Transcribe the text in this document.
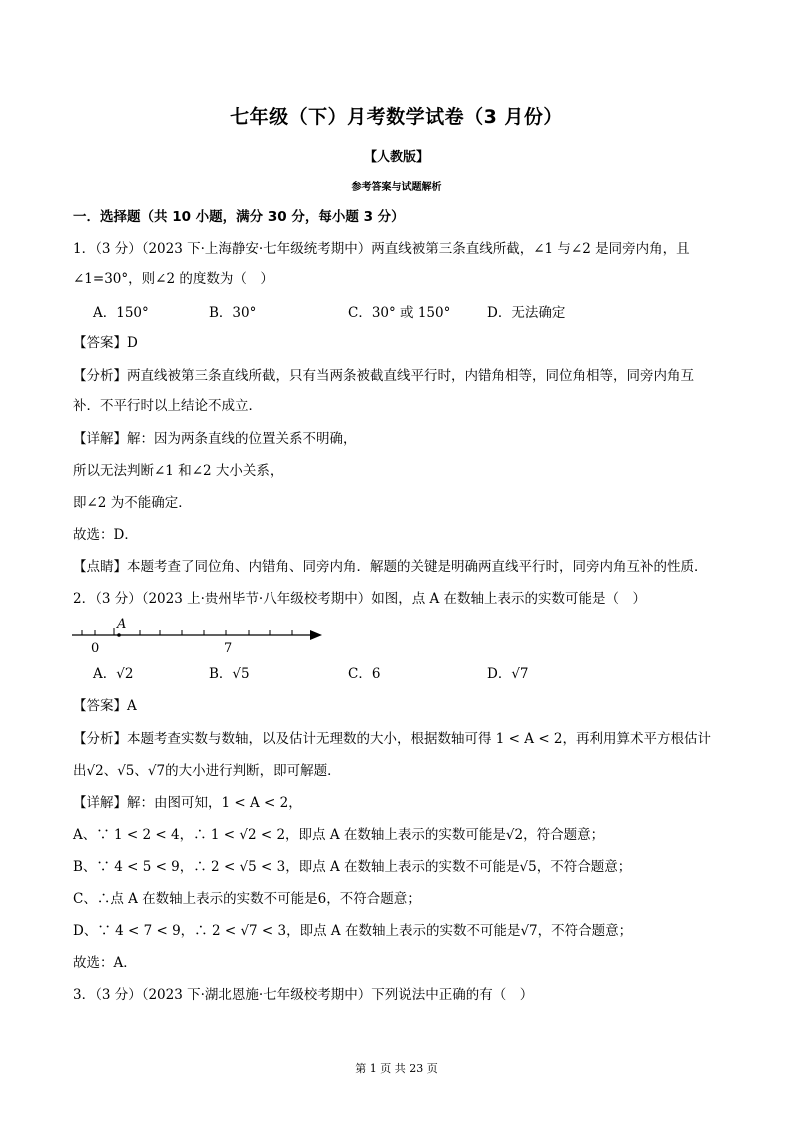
七年级（下）月考数学试卷（3 月份）
【人教版】
参考答案与试题解析
一．选择题（共 10 小题，满分 30 分，每小题 3 分）
1．（3 分）（2023 下·上海静安·七年级统考期中）两直线被第三条直线所截，∠1 与∠2 是同旁内角，且
∠1=30°，则∠2 的度数为（　）
A．150°	B．30°	C．30° 或 150°	D．无法确定
【答案】D
【分析】两直线被第三条直线所截，只有当两条被截直线平行时，内错角相等，同位角相等，同旁内角互
补．不平行时以上结论不成立．
【详解】解：因为两条直线的位置关系不明确，
所以无法判断∠1 和∠2 大小关系，
即∠2 为不能确定．
故选：D．
【点睛】本题考查了同位角、内错角、同旁内角．解题的关键是明确两直线平行时，同旁内角互补的性质．
2．（3 分）（2023 上·贵州毕节·八年级校考期中）如图，点 A 在数轴上表示的实数可能是（　）
A
0	7
A．√2	B．√5	C．6	D．√7
【答案】A
【分析】本题考查实数与数轴，以及估计无理数的大小，根据数轴可得 1 < A < 2，再利用算术平方根估计
出√2、√5、√7的大小进行判断，即可解题．
【详解】解：由图可知，1 < A < 2，
A、∵ 1 < 2 < 4，∴ 1 < √2 < 2，即点 A 在数轴上表示的实数可能是√2，符合题意；
B、∵ 4 < 5 < 9，∴ 2 < √5 < 3，即点 A 在数轴上表示的实数不可能是√5，不符合题意；
C、∴点 A 在数轴上表示的实数不可能是6，不符合题意；
D、∵ 4 < 7 < 9，∴ 2 < √7 < 3，即点 A 在数轴上表示的实数不可能是√7，不符合题意；
故选：A．
3．（3 分）（2023 下·湖北恩施·七年级校考期中）下列说法中正确的有（　）
第 1 页 共 23 页
